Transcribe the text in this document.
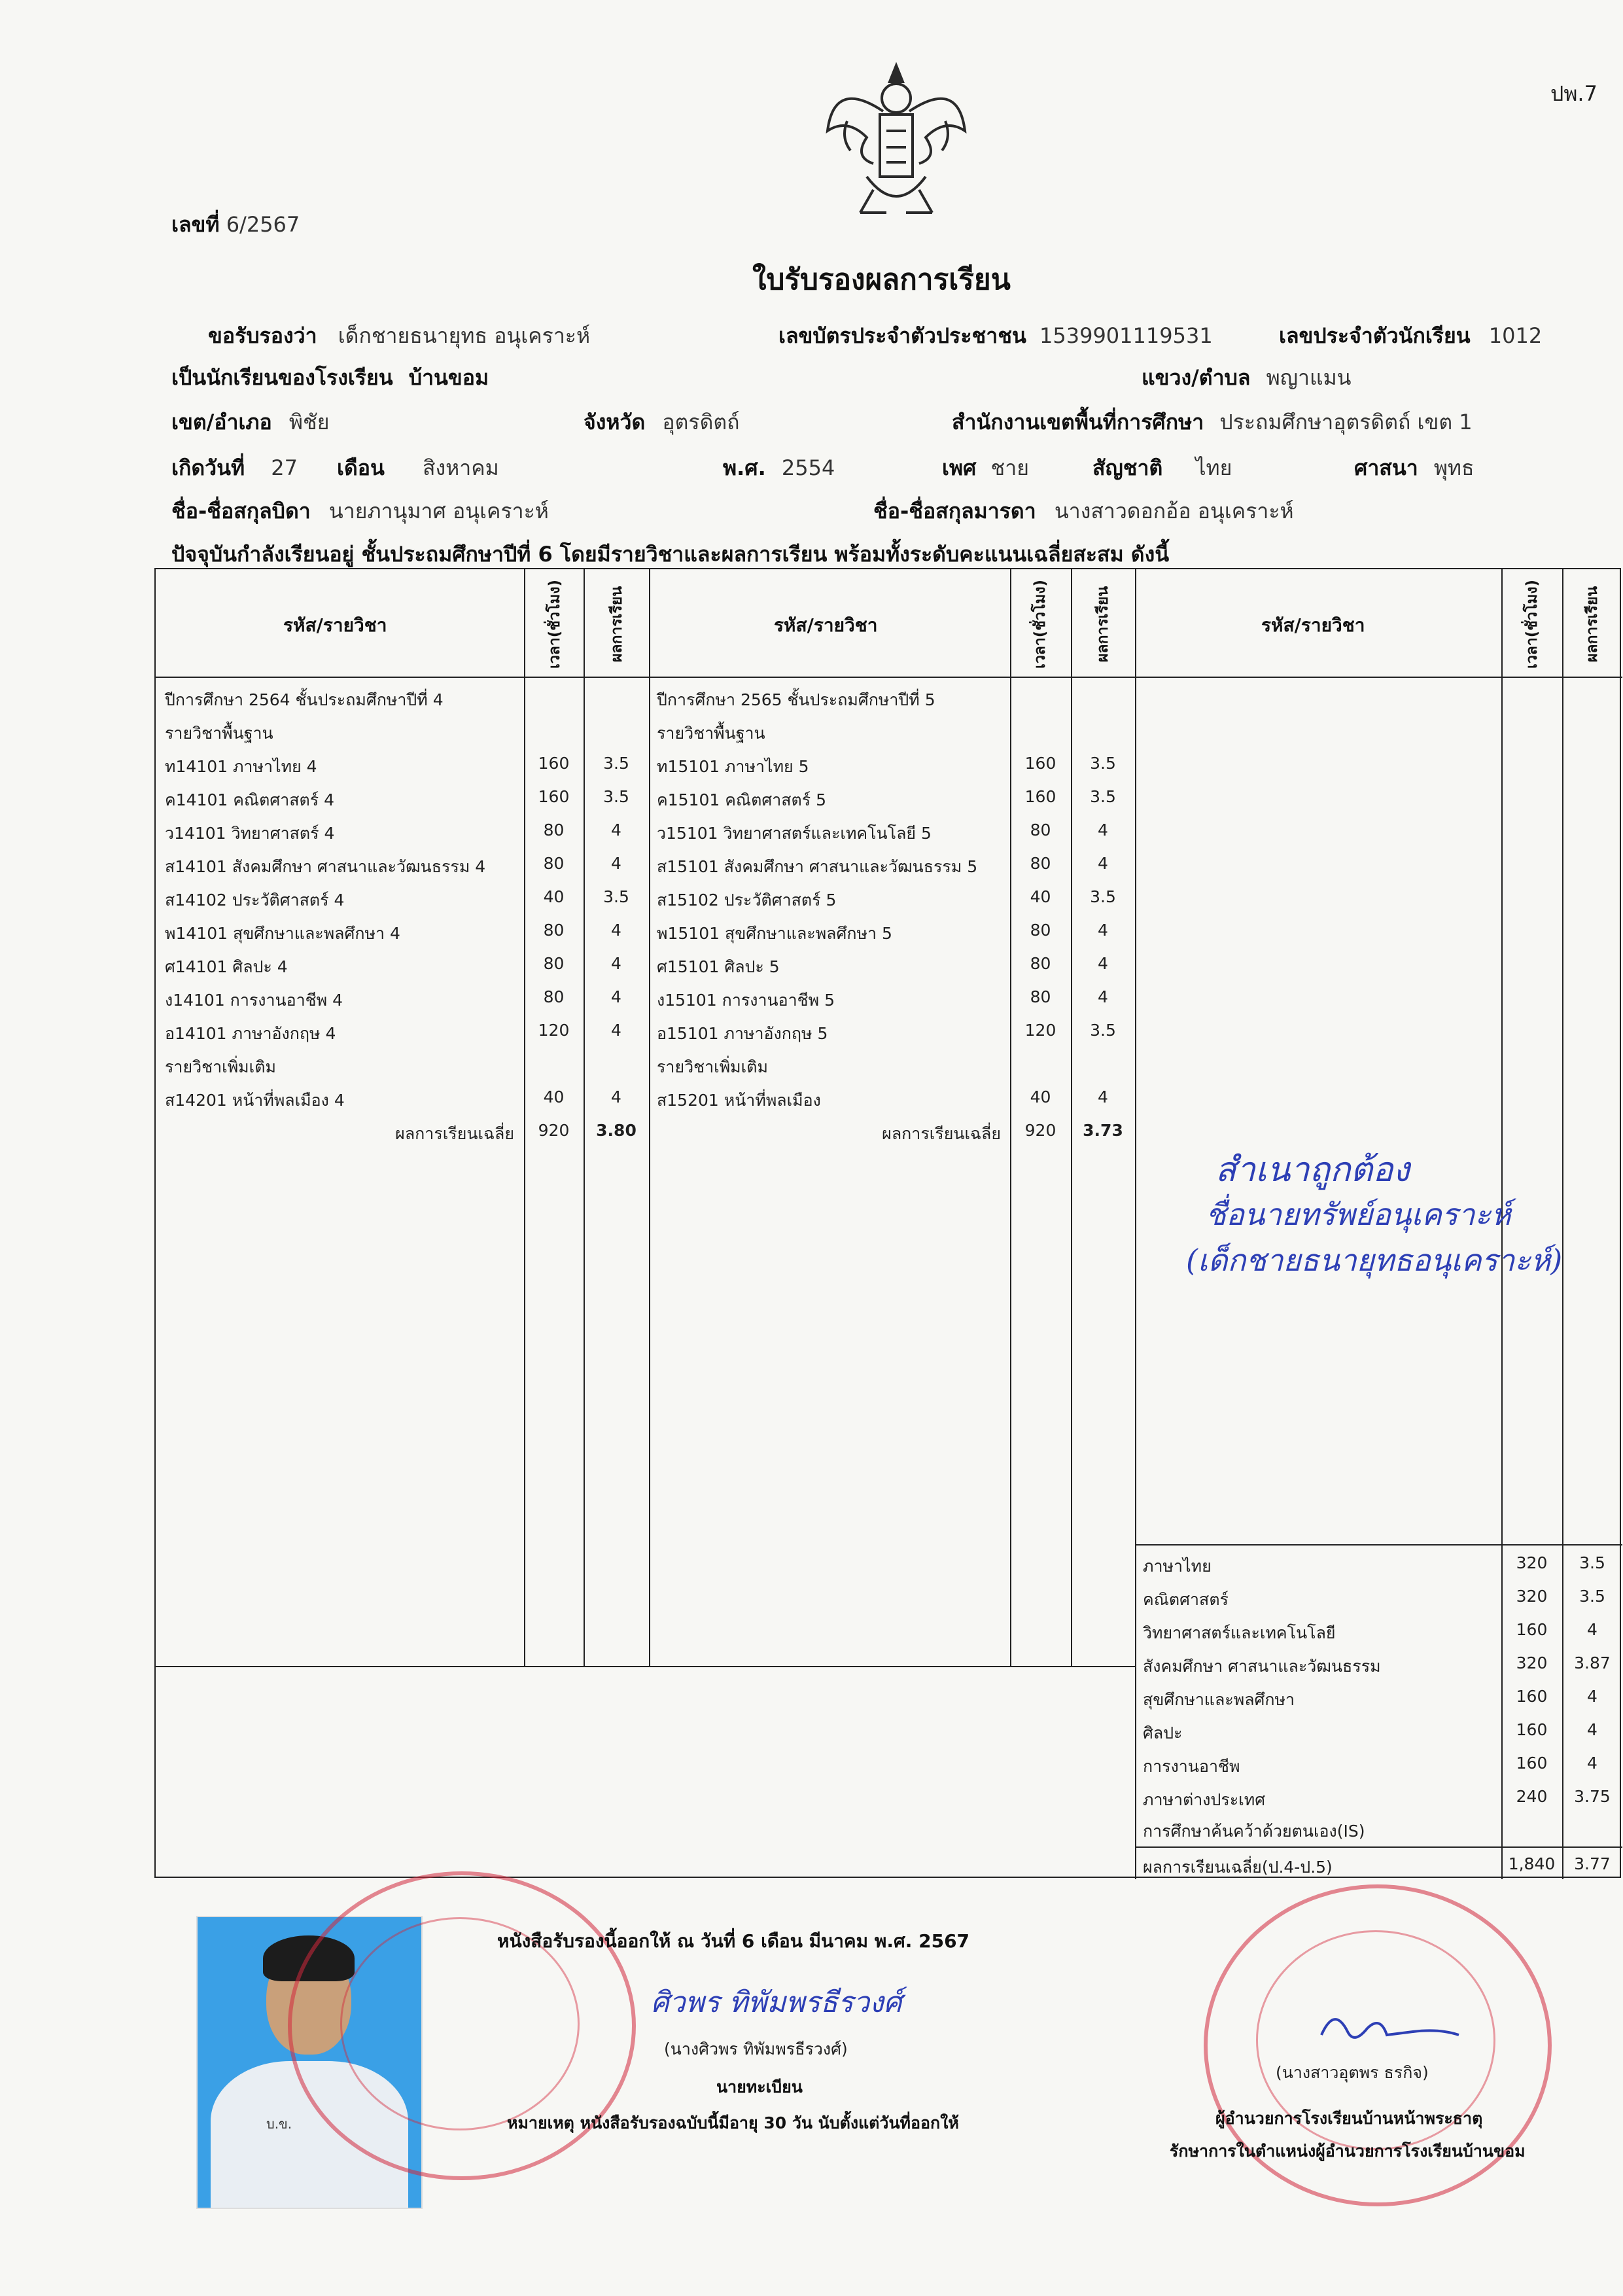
ปพ.7
เลขที่ 6/2567
ใบรับรองผลการเรียน
ขอรับรองว่า เด็กชายธนายุทธ อนุเคราะห์	เลขบัตรประจำตัวประชาชน 1539901119531	เลขประจำตัวนักเรียน 1012
เป็นนักเรียนของโรงเรียน บ้านขอม	แขวง/ตำบล พญาแมน
เขต/อำเภอ พิชัย	จังหวัด อุตรดิตถ์	สำนักงานเขตพื้นที่การศึกษา ประถมศึกษาอุตรดิตถ์ เขต 1
เกิดวันที่ 27 เดือน สิงหาคม	พ.ศ. 2554	เพศ ชาย	สัญชาติ ไทย	ศาสนา พุทธ
ชื่อ-ชื่อสกุลบิดา นายภานุมาศ อนุเคราะห์	ชื่อ-ชื่อสกุลมารดา นางสาวดอกอ้อ อนุเคราะห์
ปัจจุบันกำลังเรียนอยู่ ชั้นประถมศึกษาปีที่ 6 โดยมีรายวิชาและผลการเรียน พร้อมทั้งระดับคะแนนเฉลี่ยสะสม ดังนี้
รหัส/รายวิชา	เวลา(ชั่วโมง)	ผลการเรียน	รหัส/รายวิชา	เวลา(ชั่วโมง)	ผลการเรียน	รหัส/รายวิชา	เวลา(ชั่วโมง)	ผลการเรียน
ปีการศึกษา 2564 ชั้นประถมศึกษาปีที่ 4
รายวิชาพื้นฐาน
ท14101 ภาษาไทย 4	160	3.5
ค14101 คณิตศาสตร์ 4	160	3.5
ว14101 วิทยาศาสตร์ 4	80	4
ส14101 สังคมศึกษา ศาสนาและวัฒนธรรม 4	80	4
ส14102 ประวัติศาสตร์ 4	40	3.5
พ14101 สุขศึกษาและพลศึกษา 4	80	4
ศ14101 ศิลปะ 4	80	4
ง14101 การงานอาชีพ 4	80	4
อ14101 ภาษาอังกฤษ 4	120	4
รายวิชาเพิ่มเติม
ส14201 หน้าที่พลเมือง 4	40	4
ผลการเรียนเฉลี่ย	920	3.80
ปีการศึกษา 2565 ชั้นประถมศึกษาปีที่ 5
รายวิชาพื้นฐาน
ท15101 ภาษาไทย 5	160	3.5
ค15101 คณิตศาสตร์ 5	160	3.5
ว15101 วิทยาศาสตร์และเทคโนโลยี 5	80	4
ส15101 สังคมศึกษา ศาสนาและวัฒนธรรม 5	80	4
ส15102 ประวัติศาสตร์ 5	40	3.5
พ15101 สุขศึกษาและพลศึกษา 5	80	4
ศ15101 ศิลปะ 5	80	4
ง15101 การงานอาชีพ 5	80	4
อ15101 ภาษาอังกฤษ 5	120	3.5
รายวิชาเพิ่มเติม
ส15201 หน้าที่พลเมือง	40	4
ผลการเรียนเฉลี่ย	920	3.73
สำเนาถูกต้อง
ชื่อนายทรัพย์อนุเคราะห์
(เด็กชายธนายุทธอนุเคราะห์)
ภาษาไทย	320	3.5
คณิตศาสตร์	320	3.5
วิทยาศาสตร์และเทคโนโลยี	160	4
สังคมศึกษา ศาสนาและวัฒนธรรม	320	3.87
สุขศึกษาและพลศึกษา	160	4
ศิลปะ	160	4
การงานอาชีพ	160	4
ภาษาต่างประเทศ	240	3.75
การศึกษาค้นคว้าด้วยตนเอง(IS)
ผลการเรียนเฉลี่ย(ป.4-ป.5)	1,840	3.77
บ.ข.
หนังสือรับรองนี้ออกให้ ณ วันที่ 6 เดือน มีนาคม พ.ศ. 2567
ศิวพร ทิพัมพรธีรวงศ์
(นางศิวพร ทิพัมพรธีรวงศ์)
นายทะเบียน
หมายเหตุ หนังสือรับรองฉบับนี้มีอายุ 30 วัน นับตั้งแต่วันที่ออกให้
(นางสาวอุตพร ธรกิจ)
ผู้อำนวยการโรงเรียนบ้านหน้าพระธาตุ
รักษาการในตำแหน่งผู้อำนวยการโรงเรียนบ้านขอม
